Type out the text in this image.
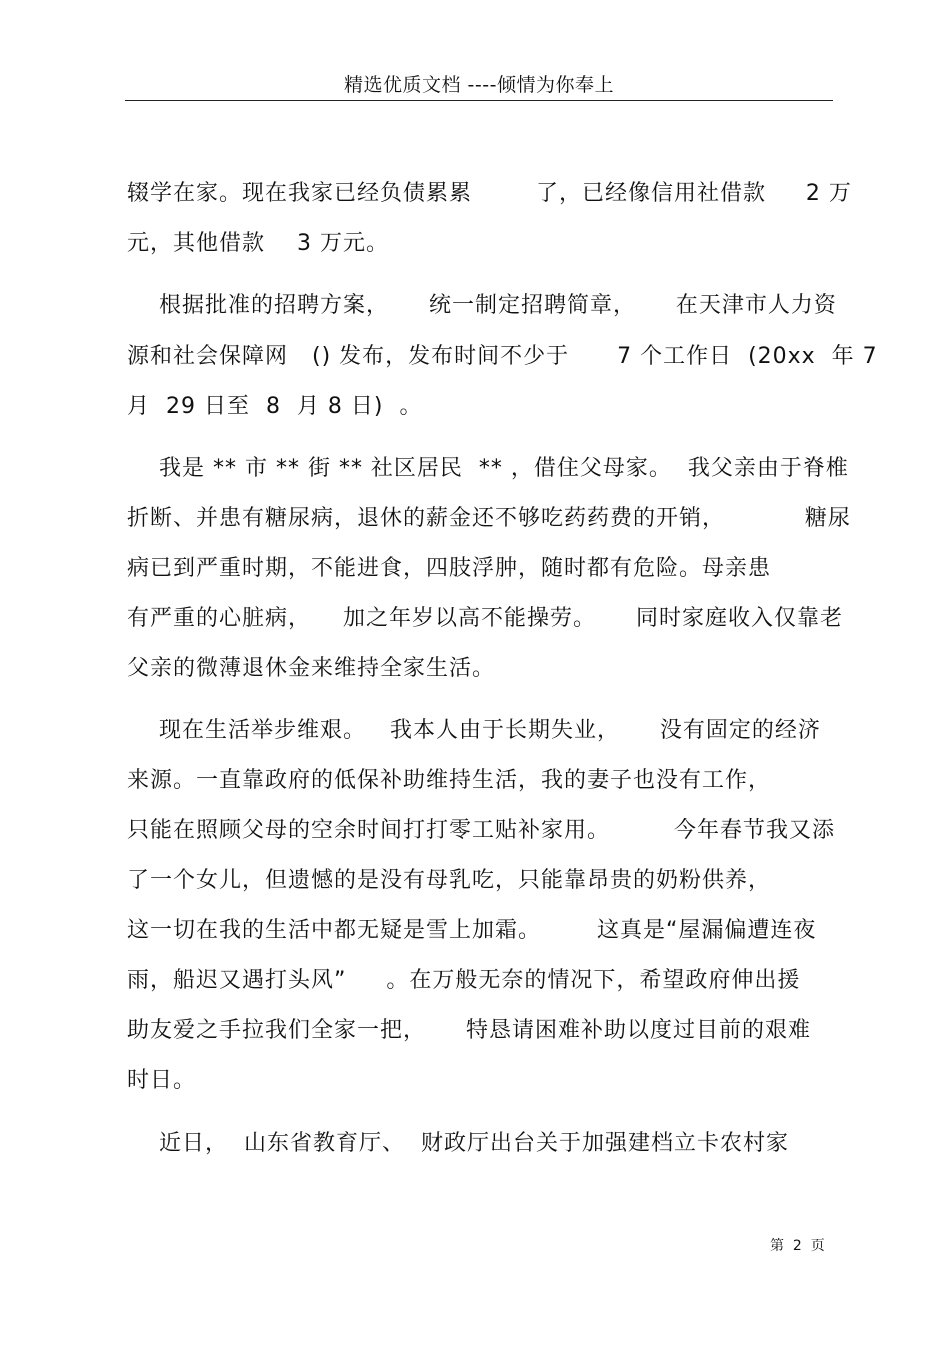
精选优质文档 ----倾情为你奉上
辍学在家。现在我家已经负债累累        了，已经像信用社借款     2 万
元，其他借款    3 万元。
根据批准的招聘方案，     统一制定招聘简章，     在天津市人力资
源和社会保障网   () 发布，发布时间不少于      7 个工作日  (20xx  年 7
月  29 日至  8  月 8 日)  。
我是 ** 市 ** 街 ** 社区居民  ** ，借住父母家。  我父亲由于脊椎
折断、并患有糖尿病，退休的薪金还不够吃药药费的开销，          糖尿
病已到严重时期，不能进食，四肢浮肿，随时都有危险。母亲患
有严重的心脏病，    加之年岁以高不能操劳。     同时家庭收入仅靠老
父亲的微薄退休金来维持全家生活。
现在生活举步维艰。   我本人由于长期失业，     没有固定的经济
来源。一直靠政府的低保补助维持生活，我的妻子也没有工作，
只能在照顾父母的空余时间打打零工贴补家用。        今年春节我又添
了一个女儿，但遗憾的是没有母乳吃，只能靠昂贵的奶粉供养，
这一切在我的生活中都无疑是雪上加霜。       这真是“屋漏偏遭连夜
雨，船迟又遇打头风”     。在万般无奈的情况下，希望政府伸出援
助友爱之手拉我们全家一把，     特恳请困难补助以度过目前的艰难
时日。
近日，  山东省教育厅、  财政厅出台关于加强建档立卡农村家
第  2  页
